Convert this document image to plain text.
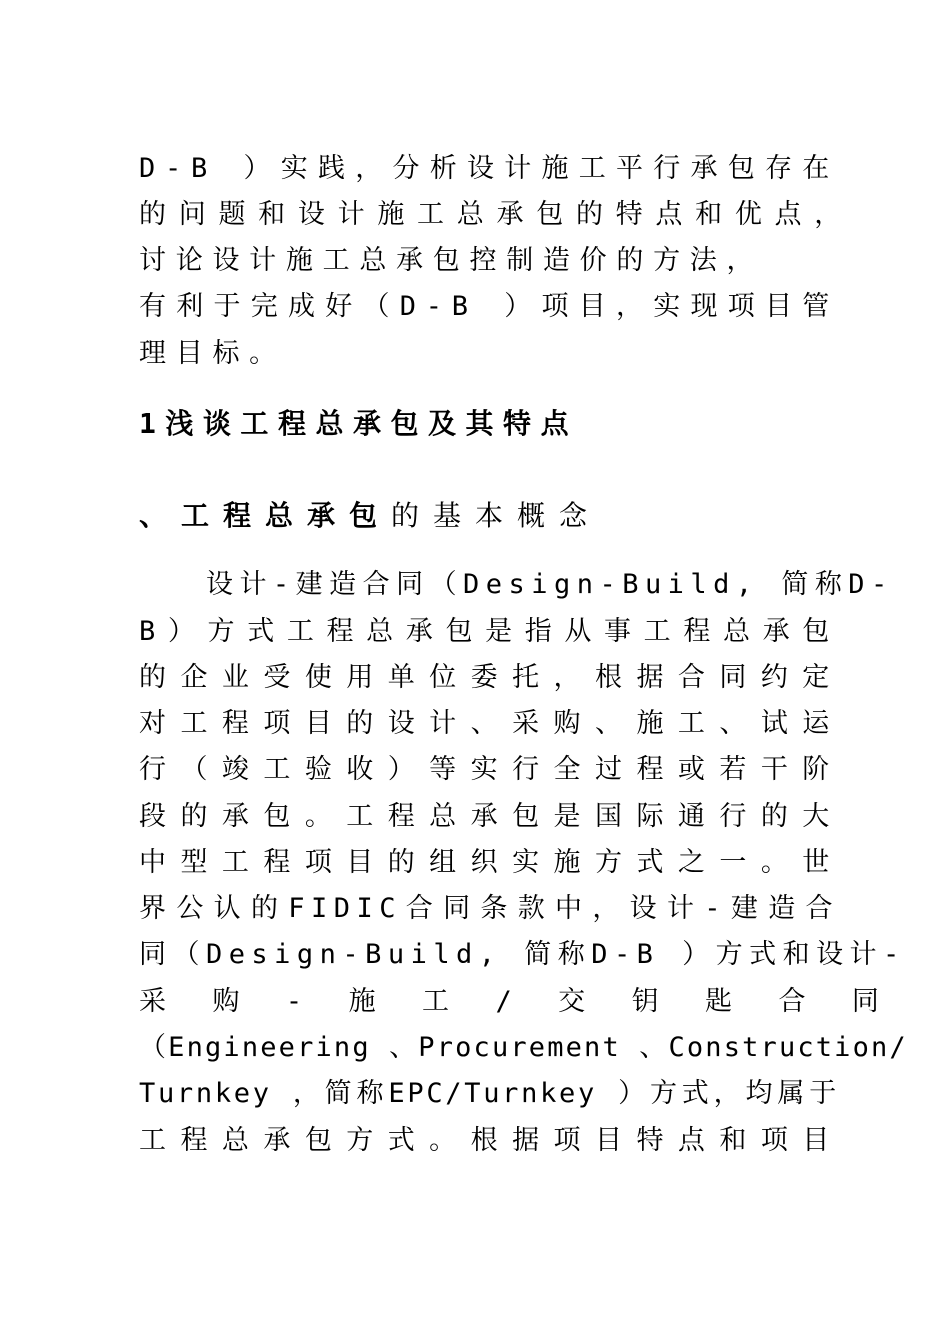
D-B ）实践，分析设计施工平行承包存在
的问题和设计施工总承包的特点和优点，
讨论设计施工总承包控制造价的方法，
有利于完成好（D-B ）项目，实现项目管
理目标。
1浅谈工程总承包及其特点
、工程总承包的基本概念
　　设计-建造合同（Design-Build, 简称D-
B）方式工程总承包是指从事工程总承包
的企业受使用单位委托，根据合同约定
对工程项目的设计、采购、施工、试运
行（竣工验收）等实行全过程或若干阶
段的承包。工程总承包是国际通行的大
中型工程项目的组织实施方式之一。世
界公认的FIDIC合同条款中，设计-建造合
同（Design-Build, 简称D-B ）方式和设计-
采　购　-　施　工　/　交　钥　匙　合　同
（Engineering 、Procurement 、Construction/
Turnkey ，简称EPC/Turnkey ）方式，均属于
工程总承包方式。根据项目特点和项目
